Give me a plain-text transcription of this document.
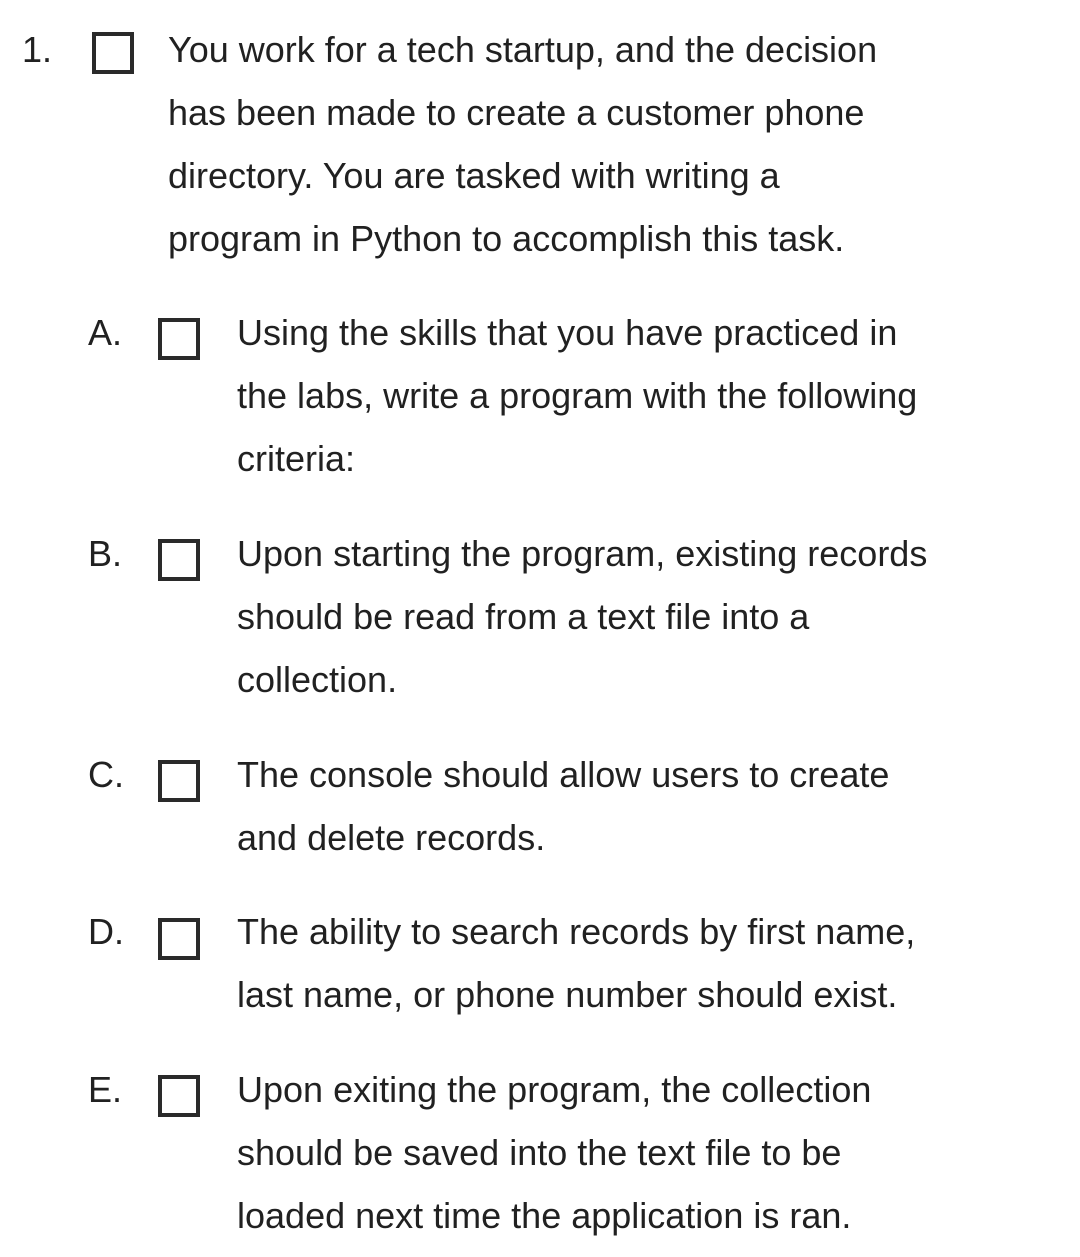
1.	You work for a tech startup, and the decision
has been made to create a customer phone
directory. You are tasked with writing a
program in Python to accomplish this task.
A.	Using the skills that you have practiced in
the labs, write a program with the following
criteria:
B.	Upon starting the program, existing records
should be read from a text file into a
collection.
C.	The console should allow users to create
and delete records.
D.	The ability to search records by first name,
last name, or phone number should exist.
E.	Upon exiting the program, the collection
should be saved into the text file to be
loaded next time the application is ran.
